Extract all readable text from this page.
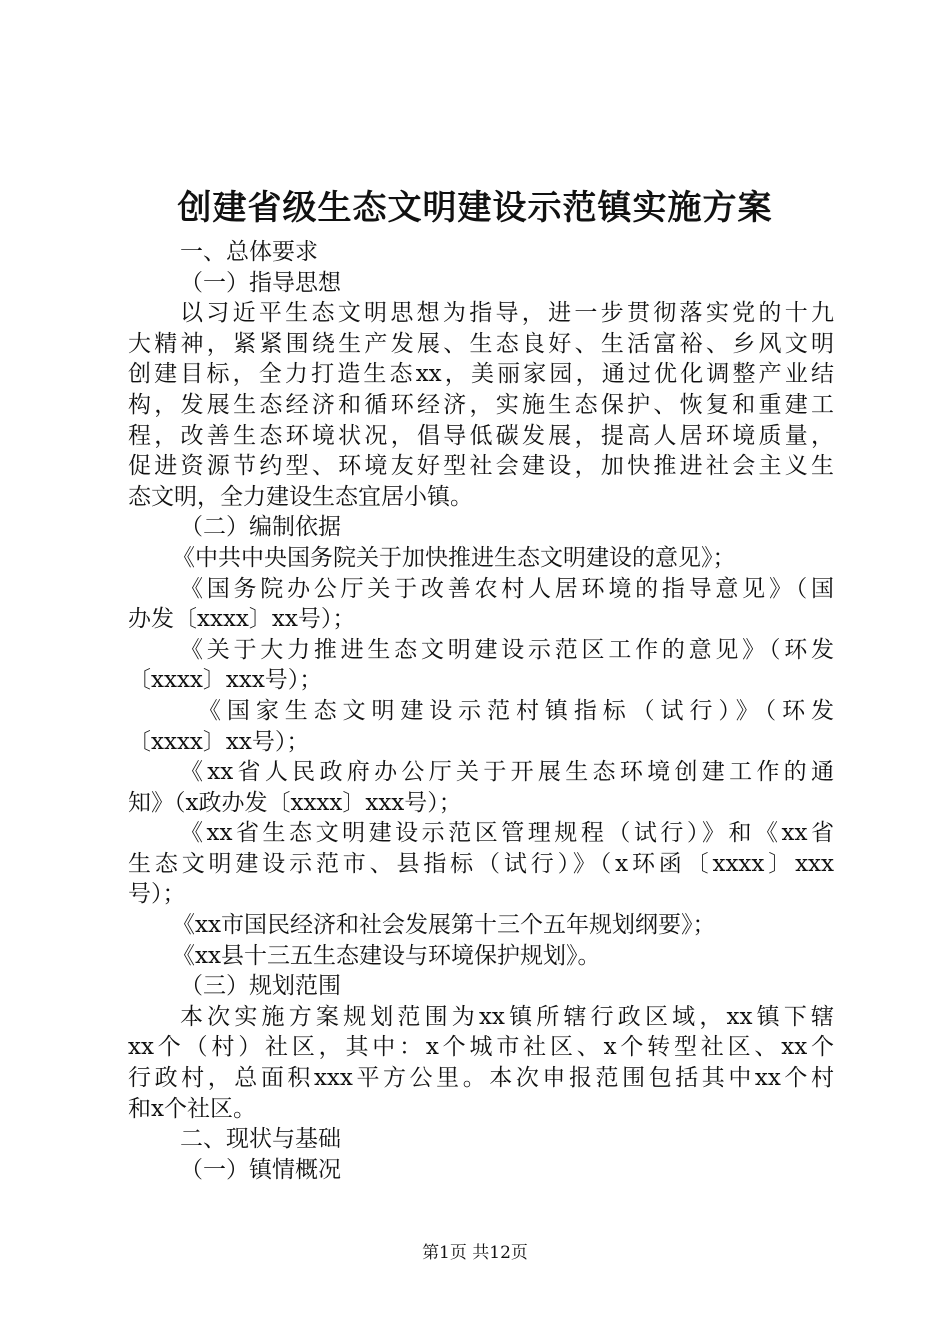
创建省级生态文明建设示范镇实施方案
一、总体要求
（一）指导思想
以习近平生态文明思想为指导，进一步贯彻落实党的十九
大精神，紧紧围绕生产发展、生态良好、生活富裕、乡风文明
创建目标，全力打造生态xx，美丽家园，通过优化调整产业结
构，发展生态经济和循环经济，实施生态保护、恢复和重建工
程，改善生态环境状况，倡导低碳发展，提高人居环境质量，
促进资源节约型、环境友好型社会建设，加快推进社会主义生
态文明，全力建设生态宜居小镇。
（二）编制依据
《中共中央国务院关于加快推进生态文明建设的意见》；
《国务院办公厅关于改善农村人居环境的指导意见》（国
办发〔xxxx〕xx号）；
《关于大力推进生态文明建设示范区工作的意见》（环发
〔xxxx〕xxx号）；
《国家生态文明建设示范村镇指标（试行）》（环发
〔xxxx〕xx号）；
《xx省人民政府办公厅关于开展生态环境创建工作的通
知》（x政办发〔xxxx〕xxx号）；
《xx省生态文明建设示范区管理规程（试行）》和《xx省
生态文明建设示范市、县指标（试行）》（x环函〔xxxx〕xxx
号）；
《xx市国民经济和社会发展第十三个五年规划纲要》；
《xx县十三五生态建设与环境保护规划》。
（三）规划范围
本次实施方案规划范围为xx镇所辖行政区域，xx镇下辖
xx个（村）社区，其中：x个城市社区、x个转型社区、xx个
行政村，总面积xxx平方公里。本次申报范围包括其中xx个村
和x个社区。
二、现状与基础
（一）镇情概况
第1页 共12页
